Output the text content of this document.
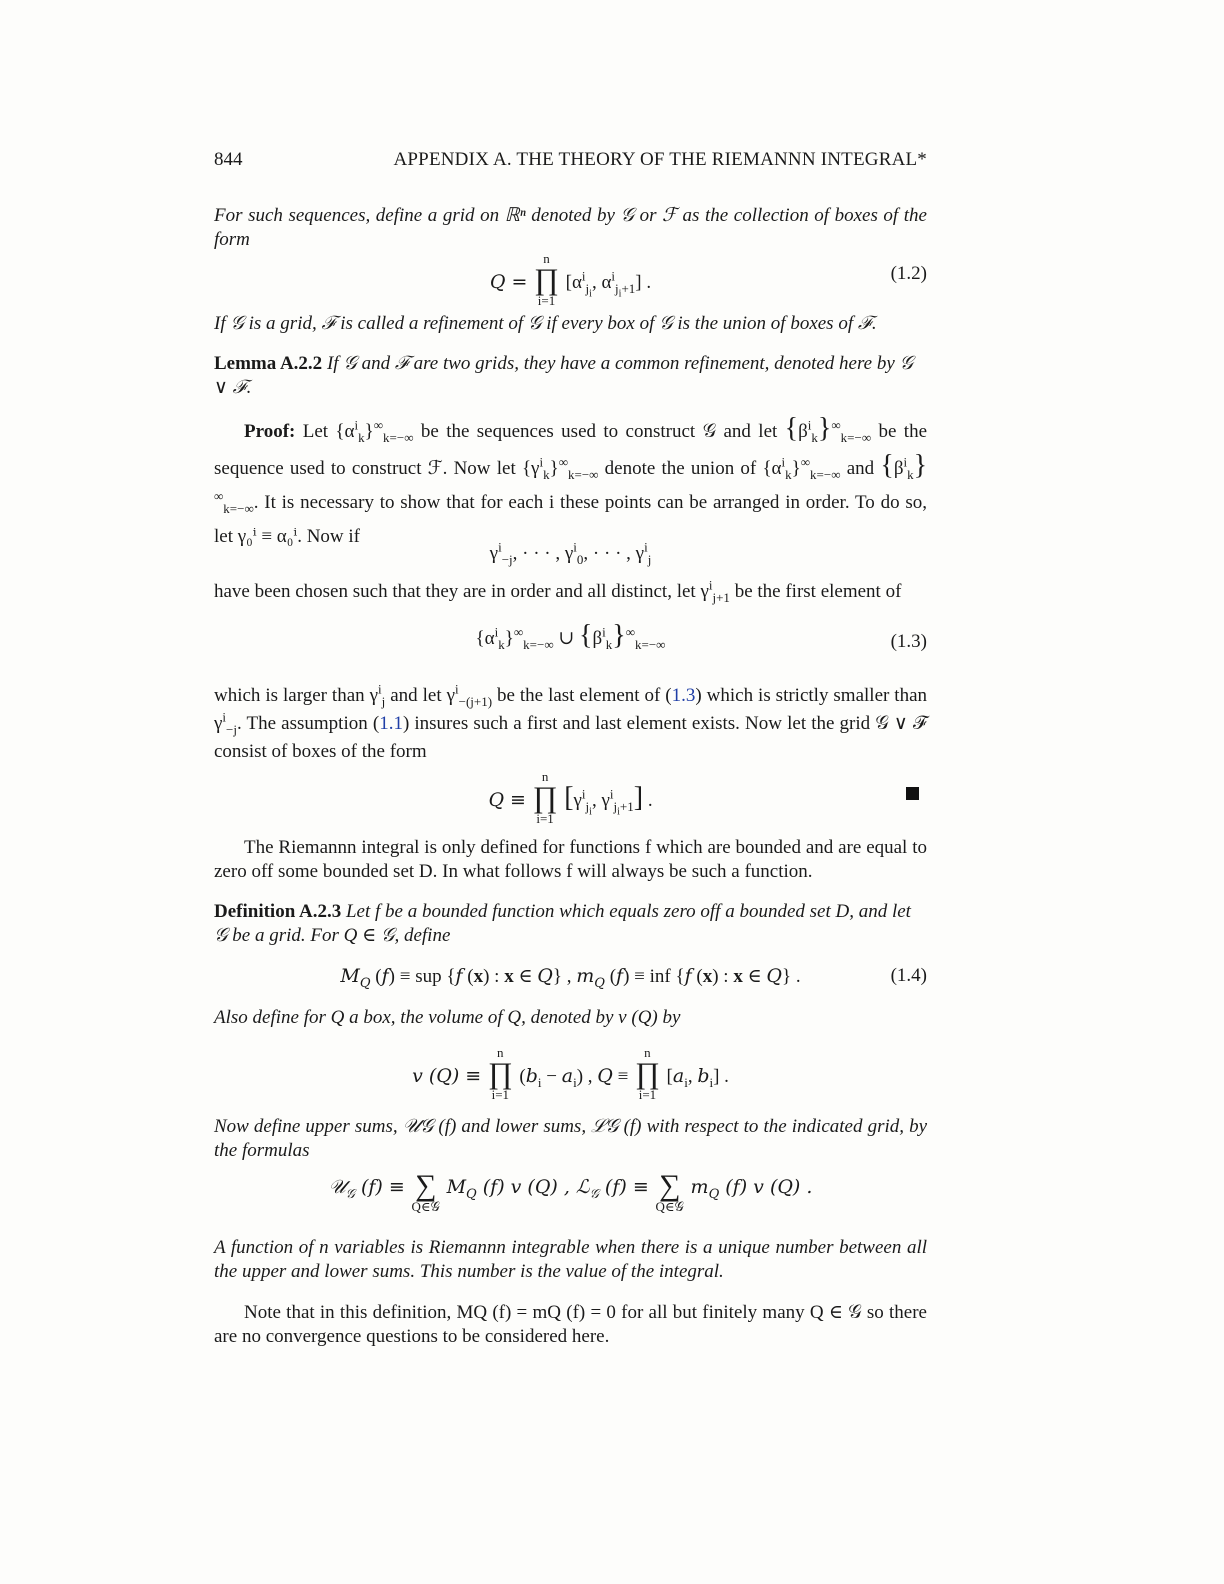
844	APPENDIX A. THE THEORY OF THE RIEMANNN INTEGRAL*
For such sequences, define a grid on ℝⁿ denoted by 𝒢 or ℱ as the collection of boxes of the form
Q = n
∏
i=1 [$\alpha^i_{j_i}$, $\alpha^i_{j_i+1}$] .	(1.2)
If 𝒢 is a grid, ℱ is called a refinement of 𝒢 if every box of 𝒢 is the union of boxes of ℱ.
Lemma A.2.2 If 𝒢 and ℱ are two grids, they have a common refinement, denoted here by 𝒢 ∨ ℱ.
Proof: Let $\{\alpha^i_k\}^\infty_{k=-\infty}$ be the sequences used to construct 𝒢 and let $\{\beta^i_k\}^\infty_{k=-\infty}$ be the sequence used to construct ℱ. Now let $\{\gamma^i_k\}^\infty_{k=-\infty}$ denote the union of $\{\alpha^i_k\}^\infty_{k=-\infty}$ and $\{\beta^i_k\}^\infty_{k=-\infty}$. It is necessary to show that for each i these points can be arranged in order. To do so, let γ₀ⁱ ≡ α₀ⁱ. Now if
$\gamma^i_{-j}$, · · · , $\gamma^i_0$, · · · , $\gamma^i_j$
have been chosen such that they are in order and all distinct, let $\gamma^i_{j+1}$ be the first element of
$\{\alpha^i_k\}^\infty_{k=-\infty}$ ∪ $\{\beta^i_k\}^\infty_{k=-\infty}$	(1.3)
which is larger than $\gamma^i_j$ and let $\gamma^i_{-(j+1)}$ be the last element of (1.3) which is strictly smaller than $\gamma^i_{-j}$. The assumption (1.1) insures such a first and last element exists. Now let the grid 𝒢 ∨ ℱ consist of boxes of the form
Q ≡ n
∏
i=1 [$\gamma^i_{j_i}$, $\gamma^i_{j_i+1}$] .
The Riemannn integral is only defined for functions f which are bounded and are equal to zero off some bounded set D. In what follows f will always be such a function.
Definition A.2.3 Let f be a bounded function which equals zero off a bounded set D, and let 𝒢 be a grid. For Q ∈ 𝒢, define
$M_Q$ (f) ≡ sup {f (x) : x ∈ Q} , $m_Q$ (f) ≡ inf {f (x) : x ∈ Q} .	(1.4)
Also define for Q a box, the volume of Q, denoted by v (Q) by
v (Q) ≡ n
∏
i=1 $(b_i - a_i)$ , Q ≡ n
∏
i=1 [$a_i$, $b_i$] .
Now define upper sums, 𝒰𝒢 (f) and lower sums, ℒ𝒢 (f) with respect to the indicated grid, by the formulas
𝒰$_𝒢$ (f) ≡ ∑
Q∈𝒢 $M_Q$ (f) v (Q) , ℒ$_𝒢$ (f) ≡ ∑
Q∈𝒢 $m_Q$ (f) v (Q) .
A function of n variables is Riemannn integrable when there is a unique number between all the upper and lower sums. This number is the value of the integral.
Note that in this definition, MQ (f) = mQ (f) = 0 for all but finitely many Q ∈ 𝒢 so there are no convergence questions to be considered here.
